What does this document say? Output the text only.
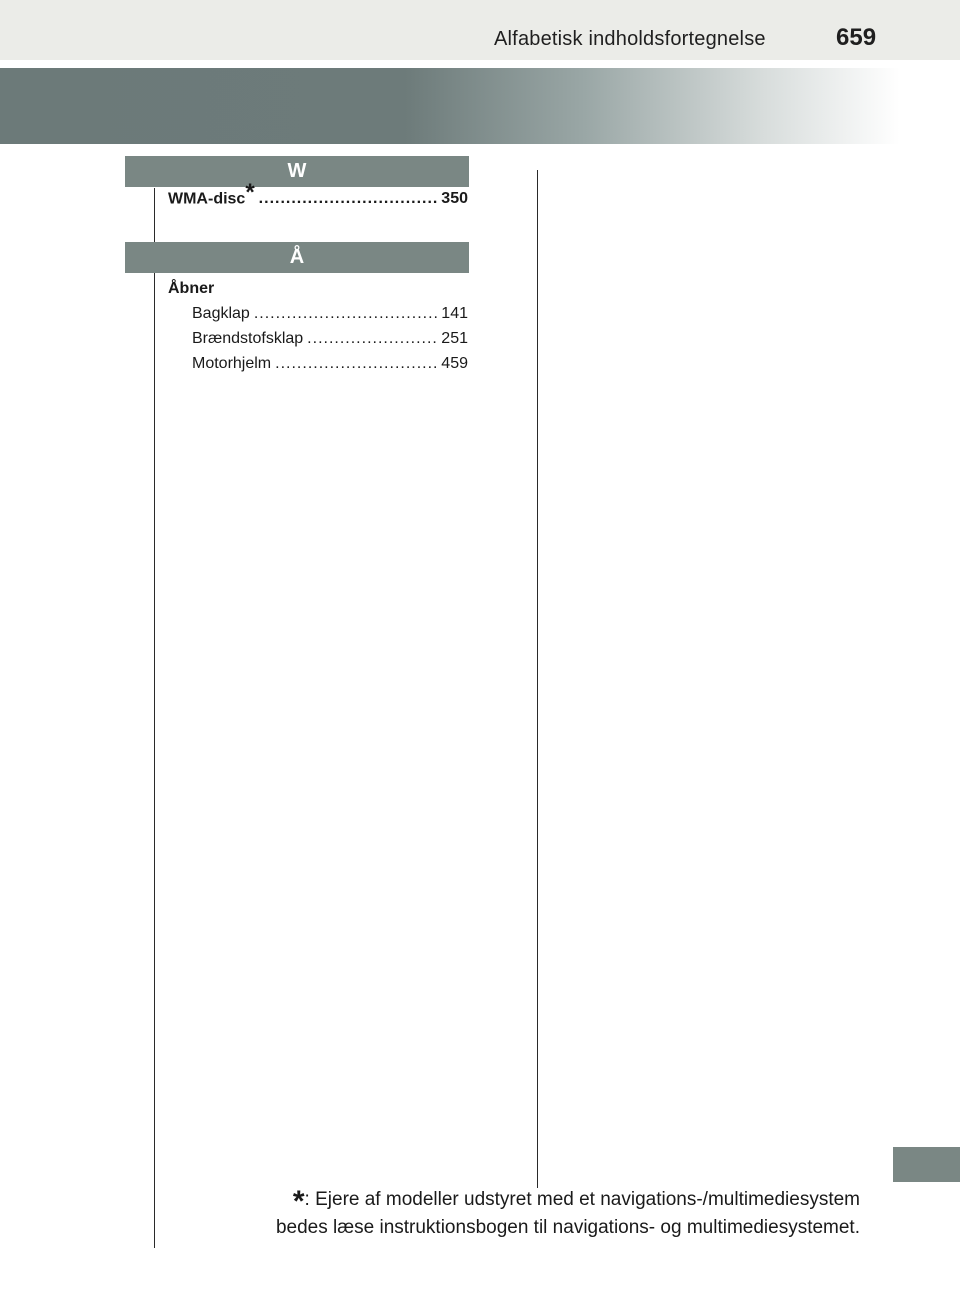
Alfabetisk indholdsfortegnelse	659
W
WMA-disc* .....	350
Å
Åbner
Bagklap .....	141
Brændstofsklap .....	251
Motorhjelm .....	459
*: Ejere af modeller udstyret med et navigations-/multimediesystem
bedes læse instruktionsbogen til navigations- og multimediesystemet.
